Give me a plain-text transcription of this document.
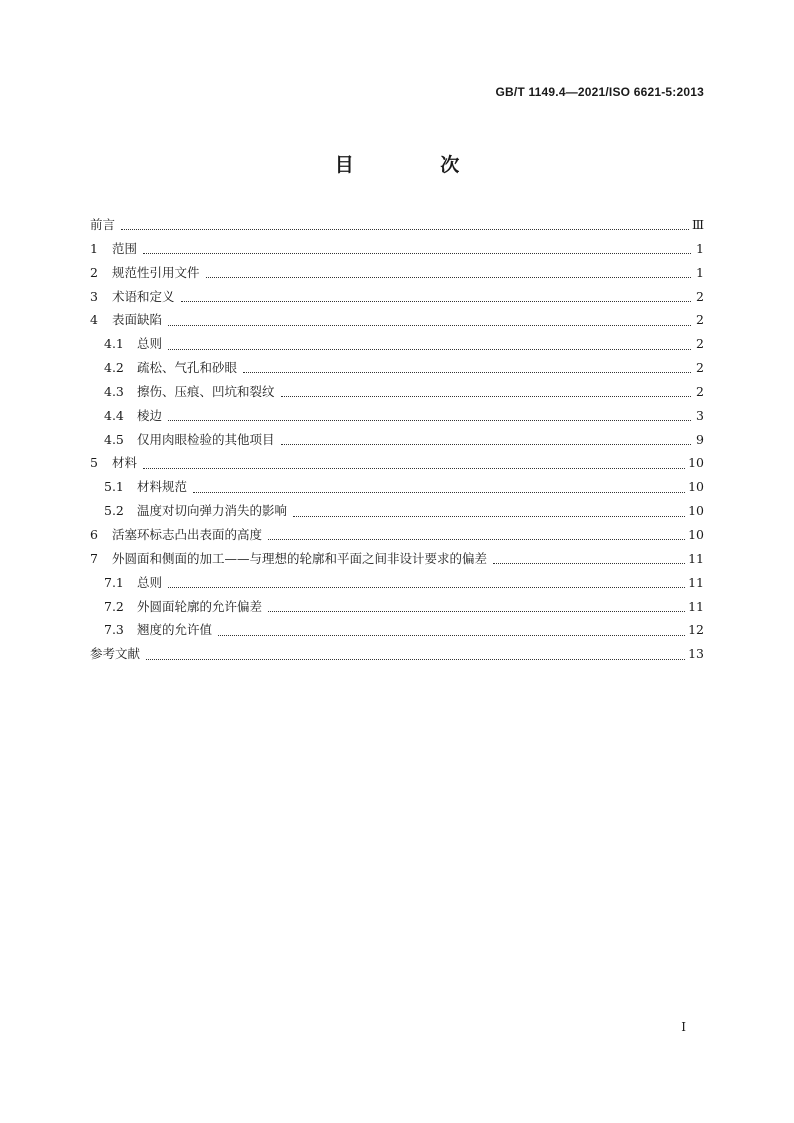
GB/T 1149.4—2021/ISO 6621-5:2013
目 次
前言	Ⅲ
1	范围	1
2	规范性引用文件	1
3	术语和定义	2
4	表面缺陷	2
4.1	总则	2
4.2	疏松、气孔和砂眼	2
4.3	擦伤、压痕、凹坑和裂纹	2
4.4	棱边	3
4.5	仅用肉眼检验的其他项目	9
5	材料	10
5.1	材料规范	10
5.2	温度对切向弹力消失的影响	10
6	活塞环标志凸出表面的高度	10
7	外圆面和侧面的加工——与理想的轮廓和平面之间非设计要求的偏差	11
7.1	总则	11
7.2	外圆面轮廓的允许偏差	11
7.3	翘度的允许值	12
参考文献	13
Ⅰ
